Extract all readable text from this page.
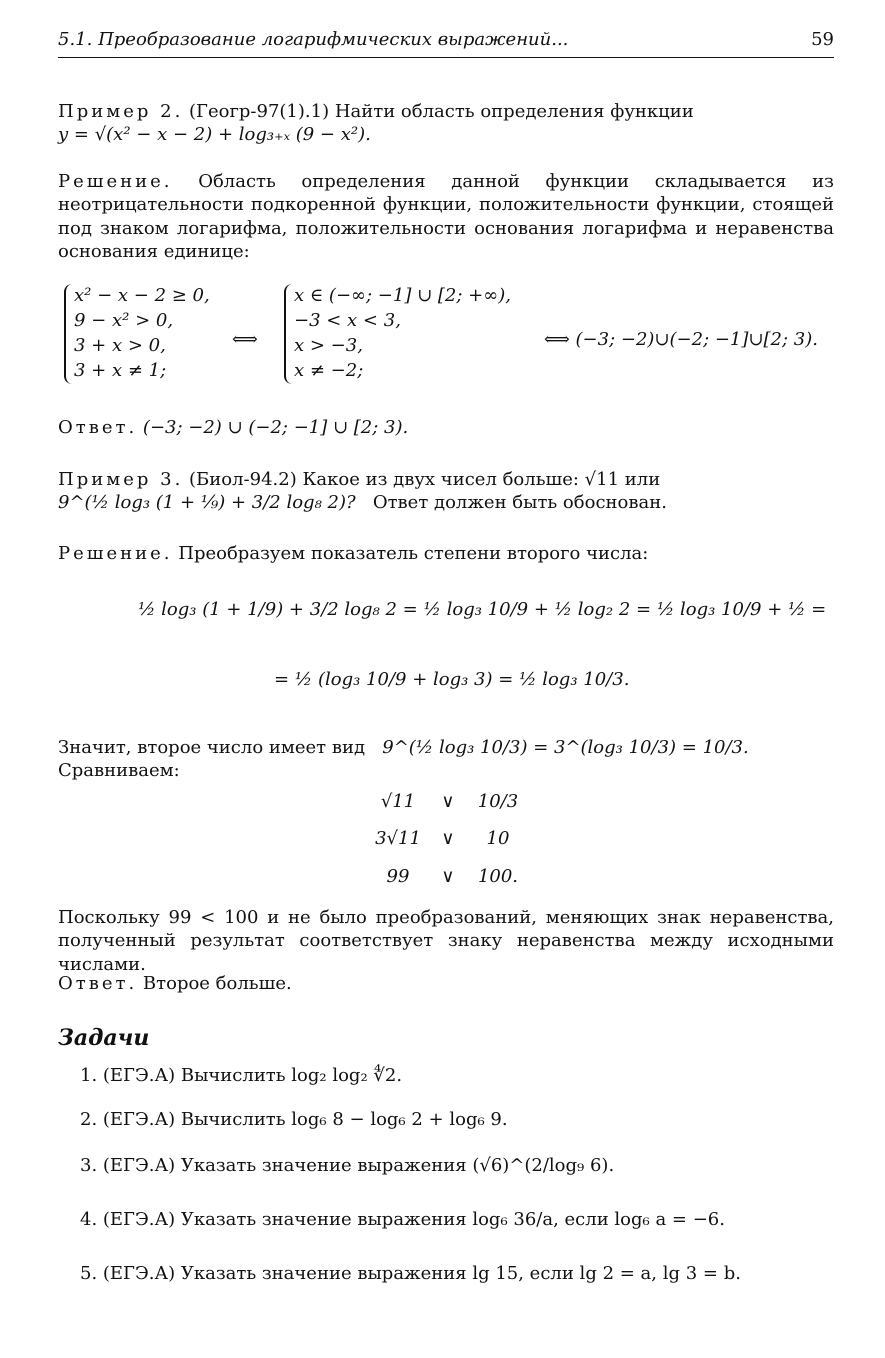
5.1. Преобразование логарифмических выражений...	59

Пример 2. (Геогр-97(1).1) Найти область определения функции

y = √(x² − x − 2) + log₃₊ₓ (9 − x²).

Решение. Область определения данной функции складывается из неотрицательности подкоренной функции, положительности функции, стоящей под знаком логарифма, положительности основания логарифма и неравенства основания единице:

x² − x − 2 ≥ 0,
9 − x² > 0,
3 + x > 0,
3 + x ≠ 1;
⟺
x ∈ (−∞; −1] ∪ [2; +∞),
−3 < x < 3,
x > −3,
x ≠ −2;
⟺ (−3; −2)∪(−2; −1]∪[2; 3).
Ответ. (−3; −2) ∪ (−2; −1] ∪ [2; 3).

Пример 3. (Биол-94.2) Какое из двух чисел больше: √11 или

9^(½ log₃ (1 + ⅑) + 3/2 log₈ 2)? Ответ должен быть обоснован.

Решение. Преобразуем показатель степени второго числа:
½ log₃ (1 + 1/9) + 3/2 log₈ 2 = ½ log₃ 10/9 + ½ log₂ 2 = ½ log₃ 10/9 + ½ =
= ½ (log₃ 10/9 + log₃ 3) = ½ log₃ 10/3.
Значит, второе число имеет вид 9^(½ log₃ 10/3) = 3^(log₃ 10/3) = 10/3.   Сравниваем:
√11	∨	10/3
3√11	∨	10
99	∨	100.

Поскольку 99 < 100 и не было преобразований, меняющих знак неравенства, полученный результат соответствует знаку неравенства между исходными числами.

Ответ. Второе больше.
Задачи
1. (ЕГЭ.А) Вычислить log₂ log₂ ∜2.
2. (ЕГЭ.А) Вычислить log₆ 8 − log₆ 2 + log₆ 9.
3. (ЕГЭ.А) Указать значение выражения (√6)^(2/log₉ 6).
4. (ЕГЭ.А) Указать значение выражения log₆ 36/a, если log₆ a = −6.
5. (ЕГЭ.А) Указать значение выражения lg 15, если lg 2 = a, lg 3 = b.
